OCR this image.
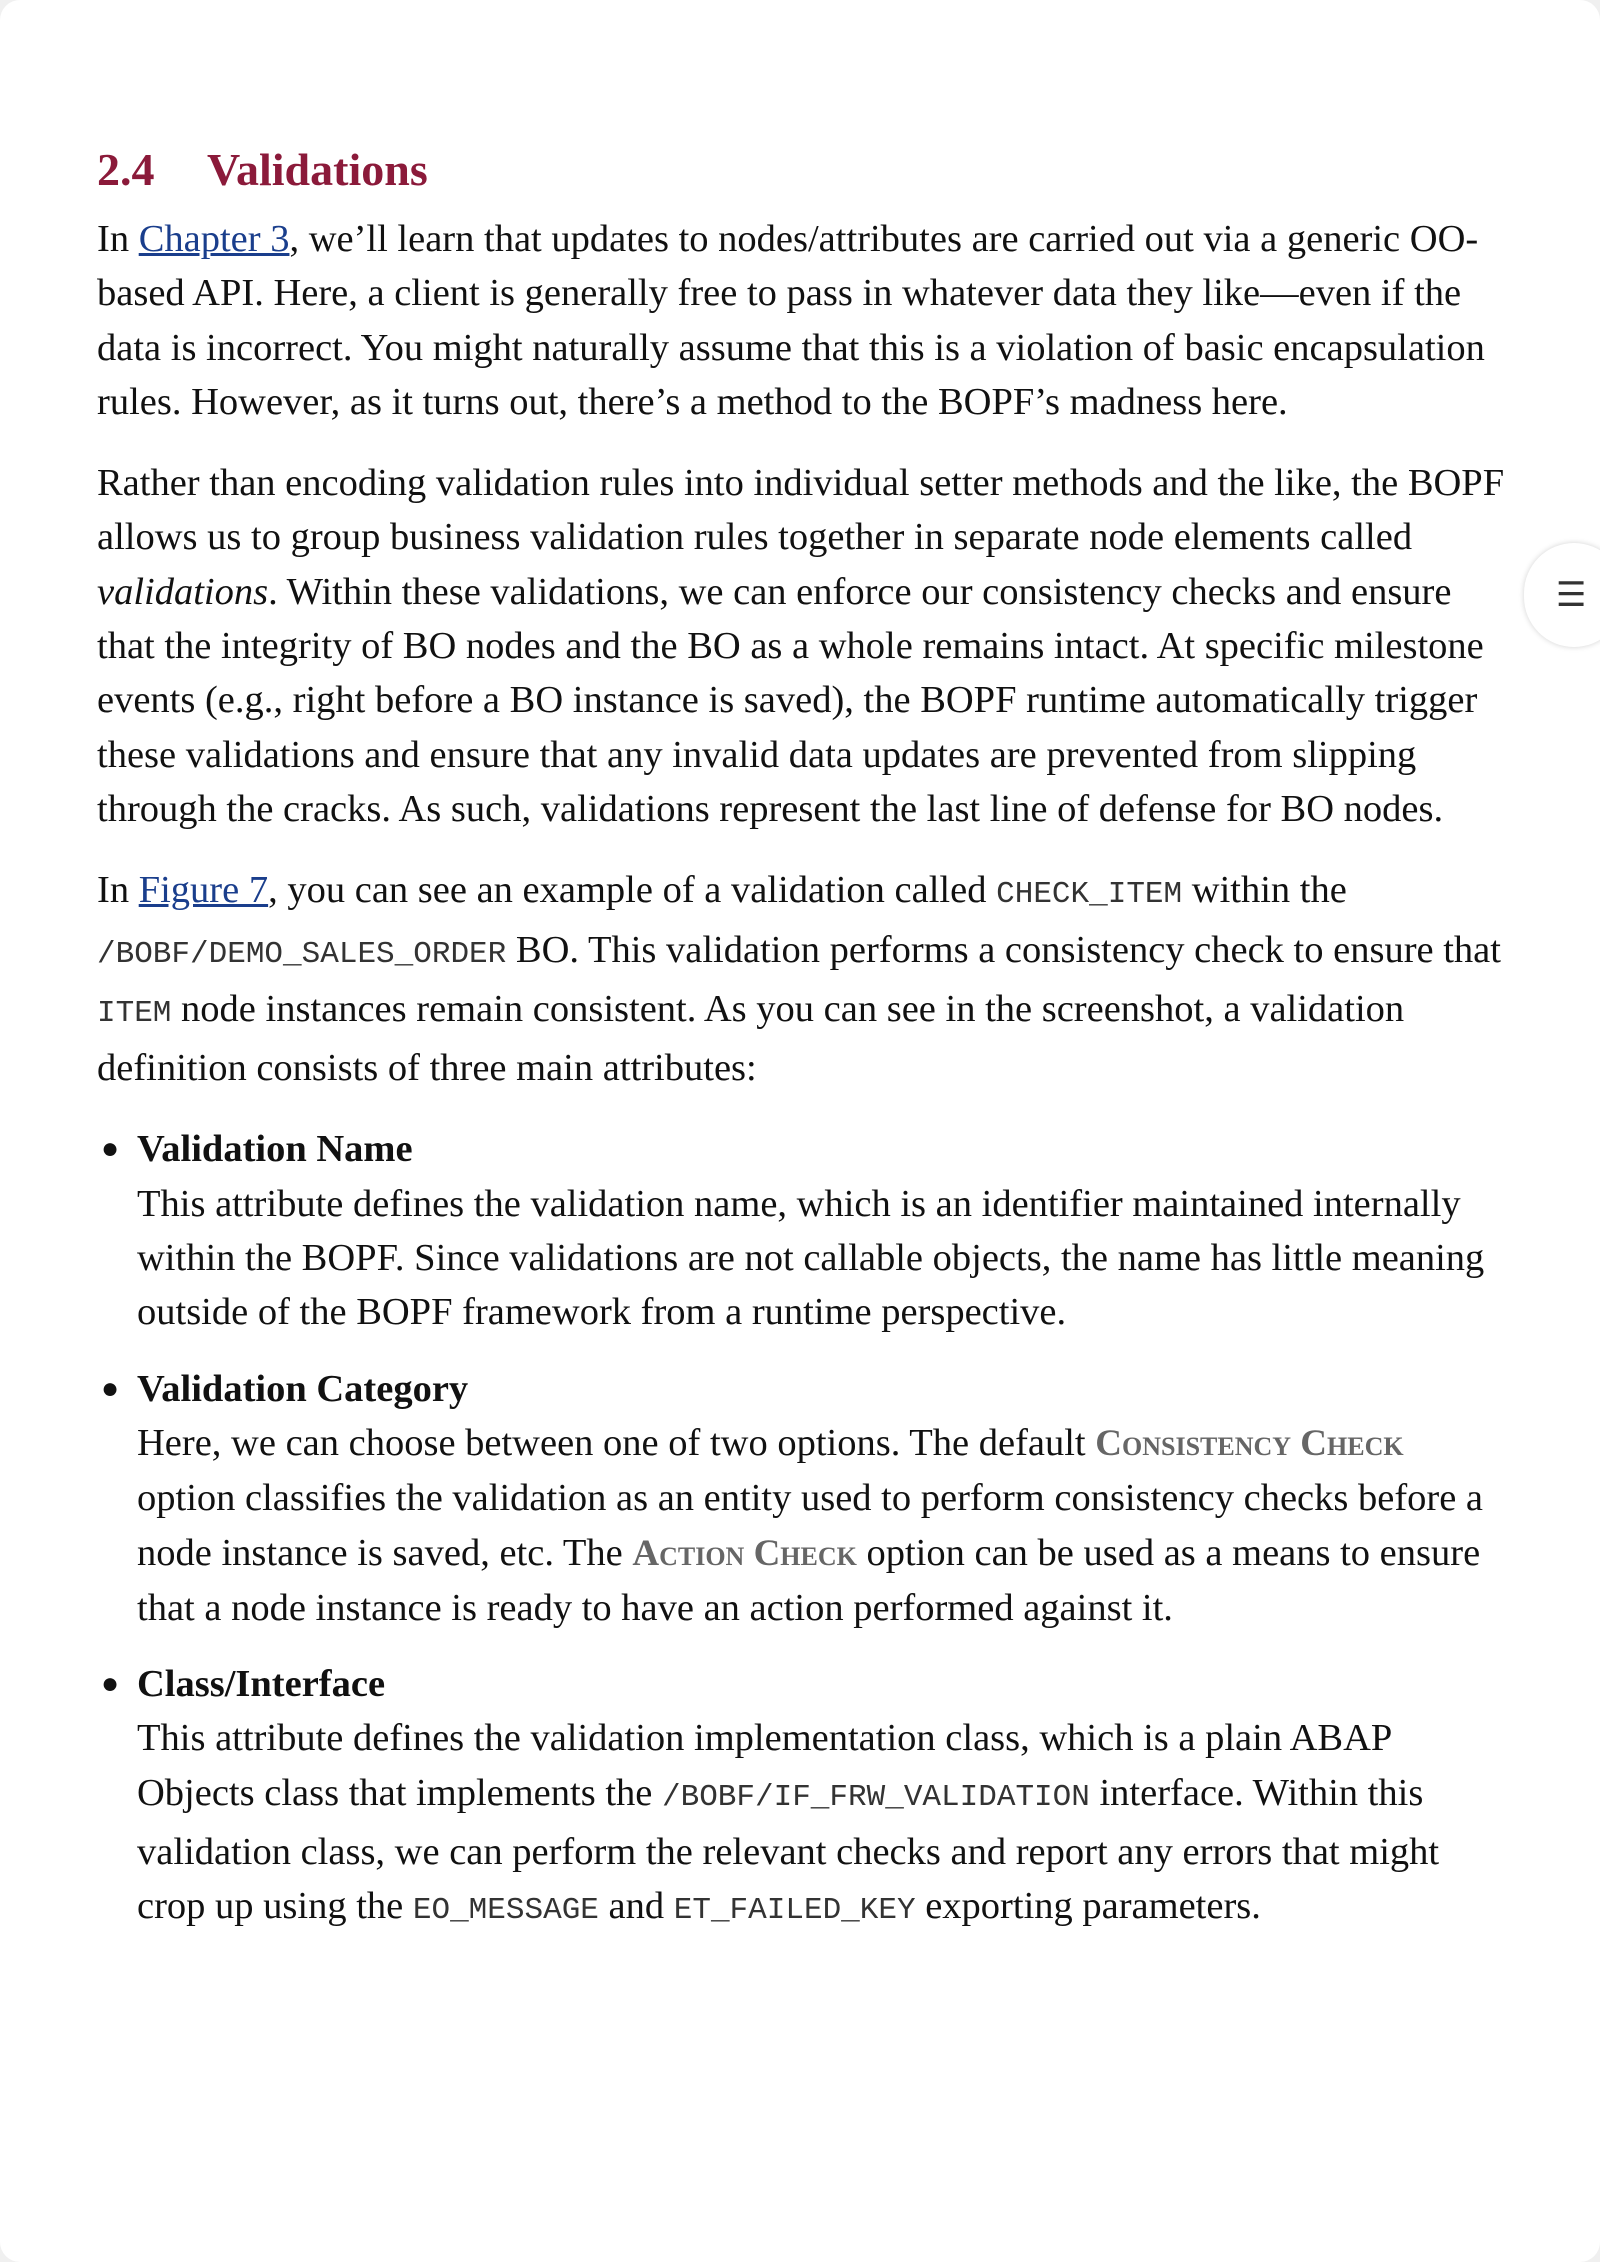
2.4 Validations

In Chapter 3, we’ll learn that updates to nodes/attributes are carried out via a generic OO-based API. Here, a client is generally free to pass in whatever data they like—even if the data is incorrect. You might naturally assume that this is a violation of basic encapsulation rules. However, as it turns out, there’s a method to the BOPF’s madness here.

Rather than encoding validation rules into individual setter methods and the like, the BOPF allows us to group business validation rules together in separate node elements called validations. Within these validations, we can enforce our consistency checks and ensure that the integrity of BO nodes and the BO as a whole remains intact. At specific milestone events (e.g., right before a BO instance is saved), the BOPF runtime automatically trigger these validations and ensure that any invalid data updates are prevented from slipping through the cracks. As such, validations represent the last line of defense for BO nodes.

In Figure 7, you can see an example of a validation called CHECK_ITEM within the /BOBF/DEMO_SALES_ORDER BO. This validation performs a consistency check to ensure that ITEM node instances remain consistent. As you can see in the screenshot, a validation definition consists of three main attributes:

● Validation Name
This attribute defines the validation name, which is an identifier maintained internally within the BOPF. Since validations are not callable objects, the name has little meaning outside of the BOPF framework from a runtime perspective.
● Validation Category
Here, we can choose between one of two options. The default Consistency Check option classifies the validation as an entity used to perform consistency checks before a node instance is saved, etc. The Action Check option can be used as a means to ensure that a node instance is ready to have an action performed against it.
● Class/Interface
This attribute defines the validation implementation class, which is a plain ABAP Objects class that implements the /BOBF/IF_FRW_VALIDATION interface. Within this validation class, we can perform the relevant checks and report any errors that might crop up using the EO_MESSAGE and ET_FAILED_KEY exporting parameters.
☰
